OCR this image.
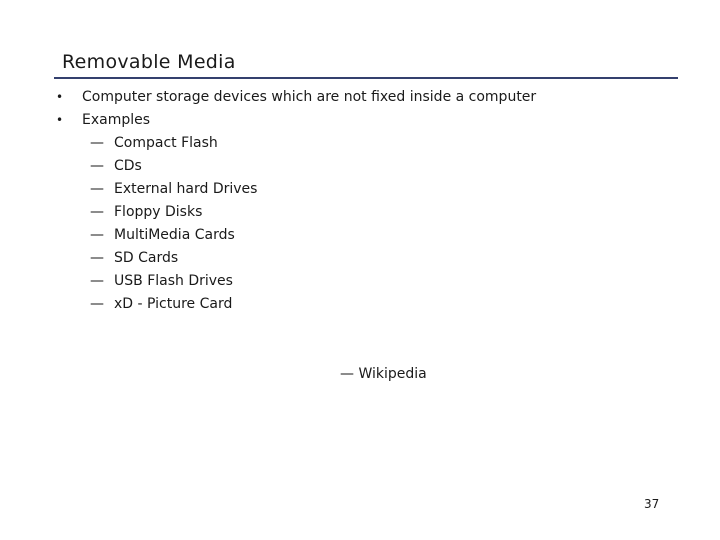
Removable Media
• Computer storage devices which are not fixed inside a computer
• Examples
— Compact Flash
— CDs
— External hard Drives
— Floppy Disks
— MultiMedia Cards
— SD Cards
— USB Flash Drives
— xD - Picture Card
— Wikipedia
37
